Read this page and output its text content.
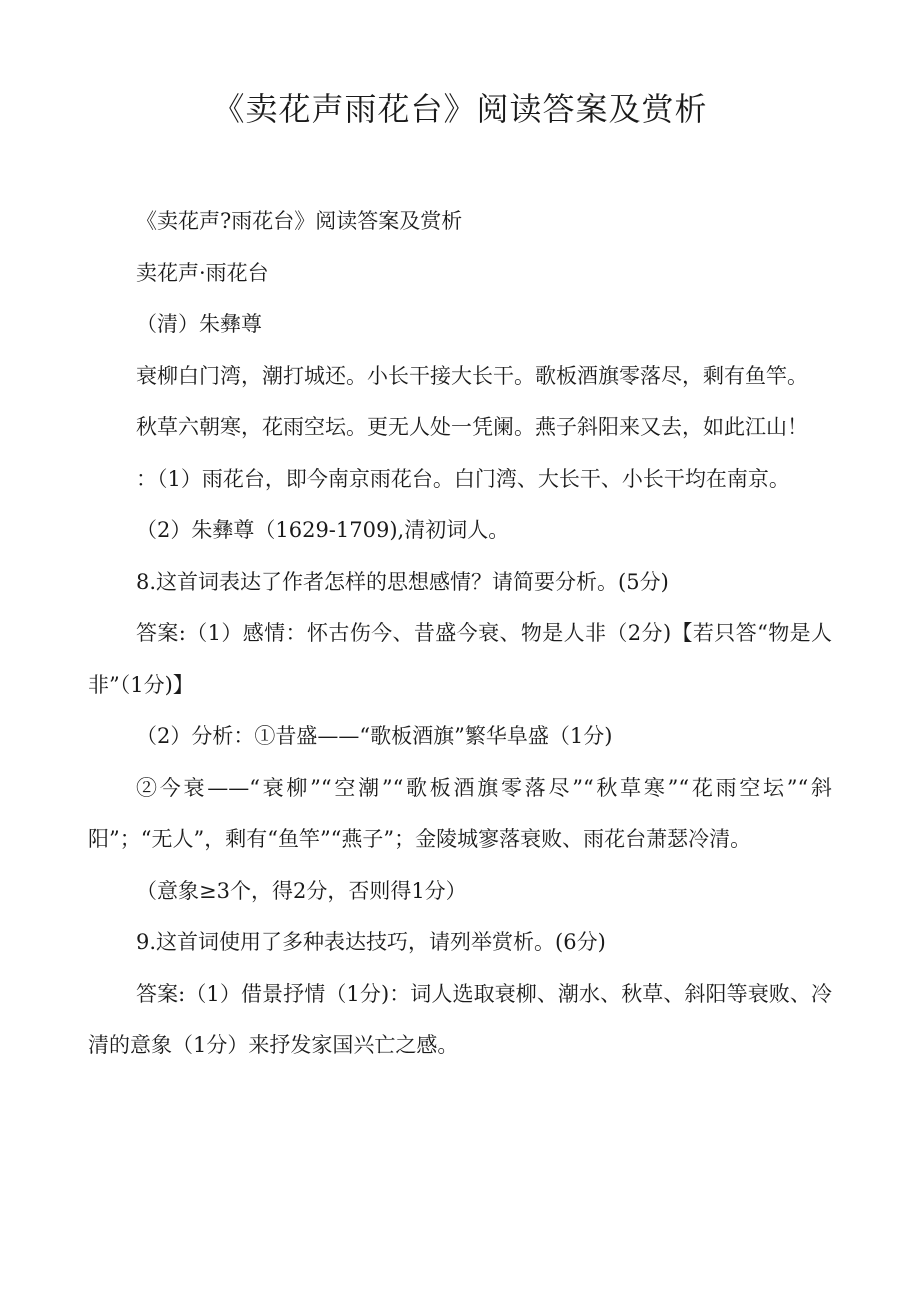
《卖花声雨花台》阅读答案及赏析

《卖花声?雨花台》阅读答案及赏析

卖花声·雨花台

（清）朱彝尊

衰柳白门湾，潮打城还。小长干接大长干。歌板酒旗零落尽，剩有鱼竿。

秋草六朝寒，花雨空坛。更无人处一凭阑。燕子斜阳来又去，如此江山！

：（1）雨花台，即今南京雨花台。白门湾、大长干、小长干均在南京。

（2）朱彝尊（1629-1709),清初词人。

8.这首词表达了作者怎样的思想感情？请简要分析。(5分)

答案:（1）感情：怀古伤今、昔盛今衰、物是人非（2分)【若只答“物是人非”（1分)】

（2）分析：①昔盛——“歌板酒旗”繁华阜盛（1分)

②今衰——“衰柳”“空潮”“歌板酒旗零落尽”“秋草寒”“花雨空坛”“斜阳”；“无人”，剩有“鱼竿”“燕子”；金陵城寥落衰败、雨花台萧瑟冷清。

（意象≥3个，得2分，否则得1分）

9.这首词使用了多种表达技巧，请列举赏析。(6分)

答案:（1）借景抒情（1分)：词人选取衰柳、潮水、秋草、斜阳等衰败、冷清的意象（1分）来抒发家国兴亡之感。
